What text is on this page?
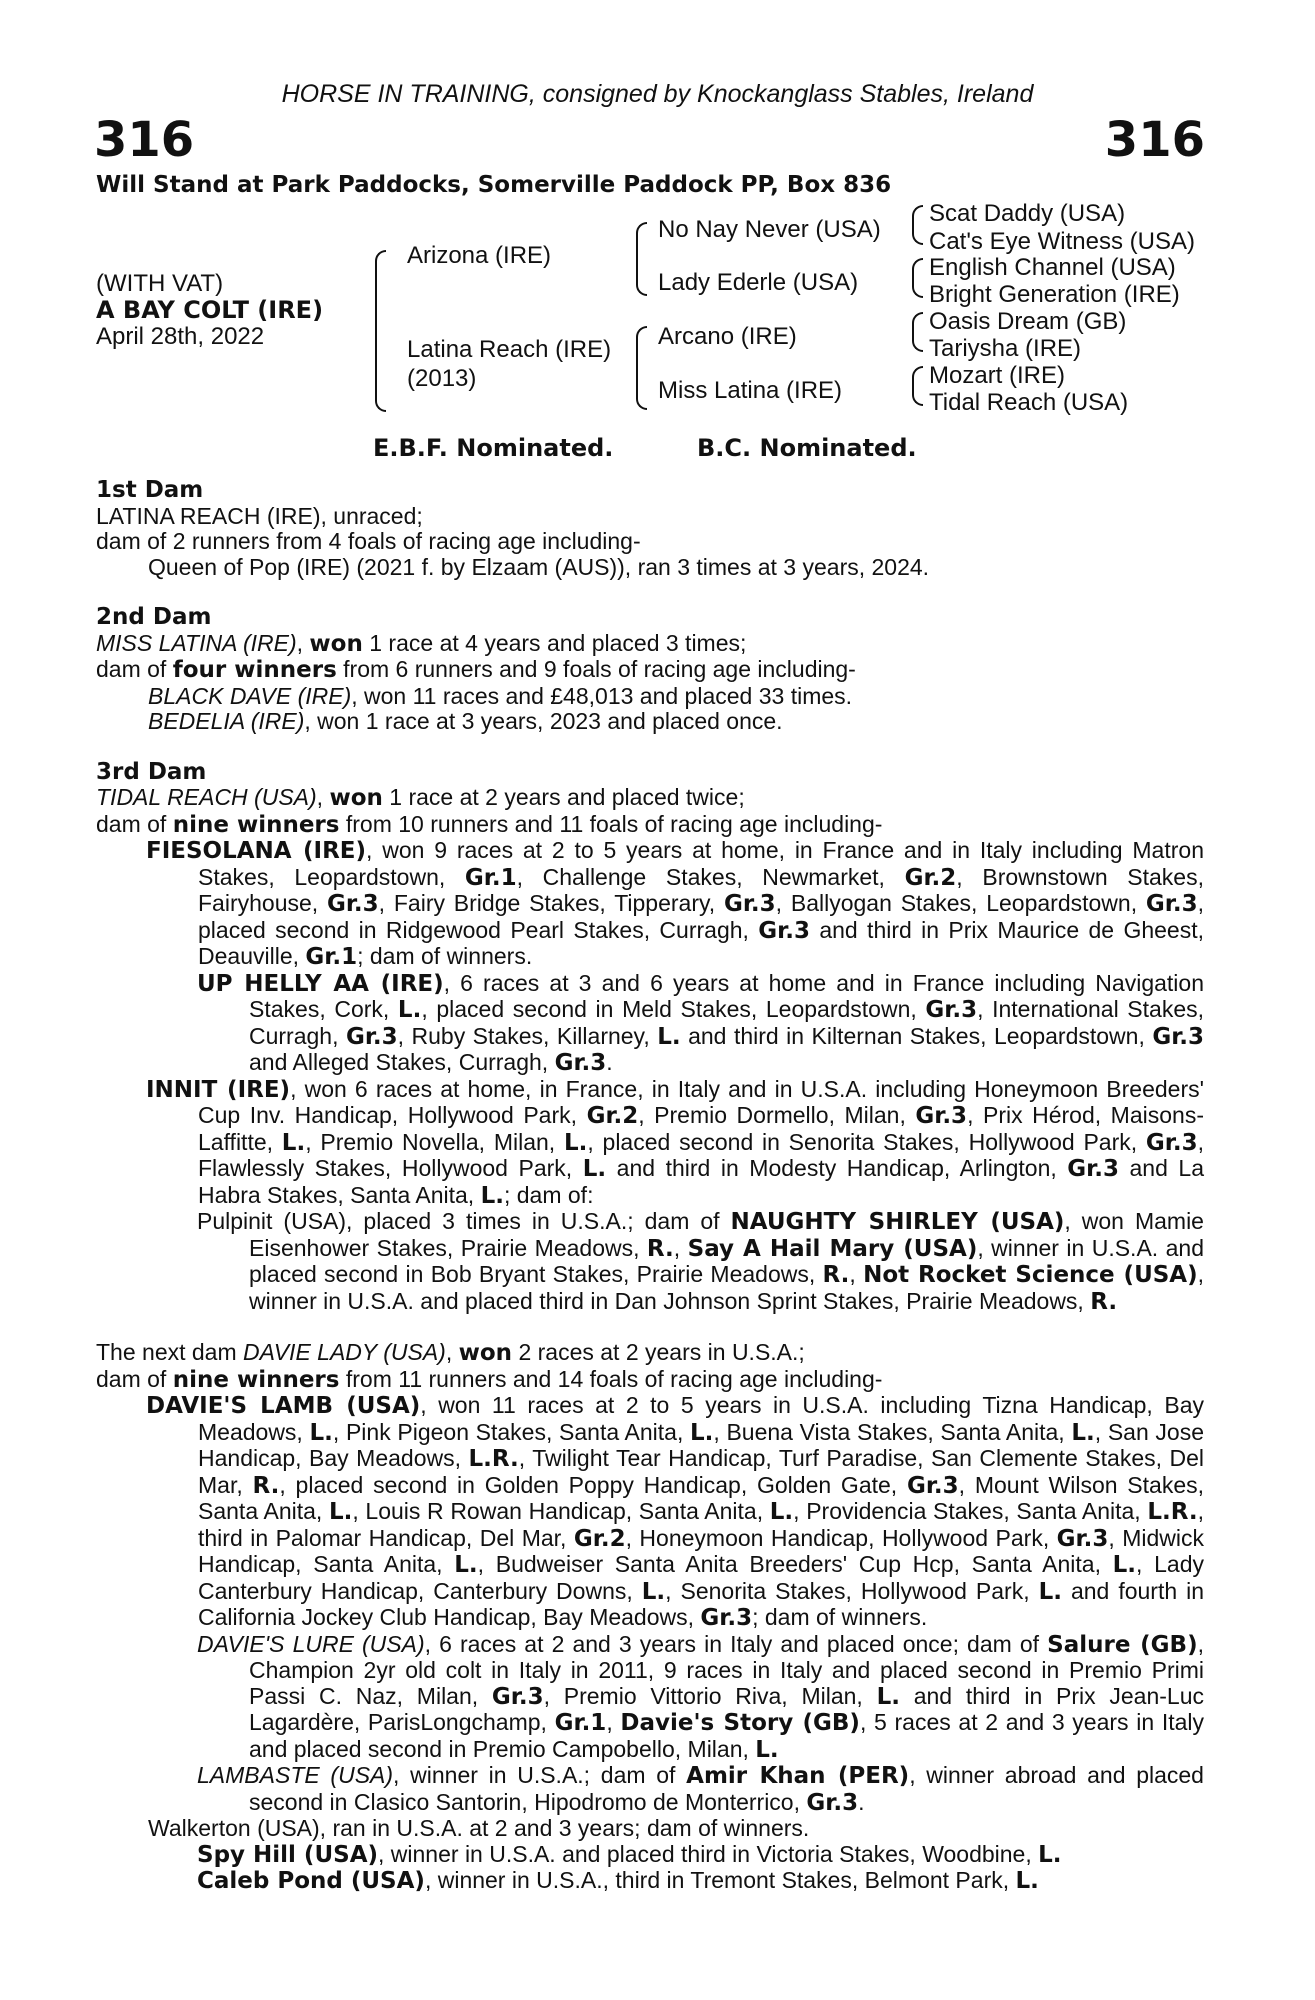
HORSE IN TRAINING, consigned by Knockanglass Stables, Ireland
316	316
Will Stand at Park Paddocks, Somerville Paddock PP, Box 836
(WITH VAT)
A BAY COLT (IRE)
April 28th, 2022
Arizona (IRE)
Latina Reach (IRE)
(2013)
No Nay Never (USA)
Lady Ederle (USA)
Arcano (IRE)
Miss Latina (IRE)
Scat Daddy (USA)
Cat's Eye Witness (USA)
English Channel (USA)
Bright Generation (IRE)
Oasis Dream (GB)
Tariysha (IRE)
Mozart (IRE)
Tidal Reach (USA)
E.B.F. Nominated.	B.C. Nominated.

1st Dam

LATINA REACH (IRE), unraced;

dam of 2 runners from 4 foals of racing age including-

Queen of Pop (IRE) (2021 f. by Elzaam (AUS)), ran 3 times at 3 years, 2024.

2nd Dam

MISS LATINA (IRE), won 1 race at 4 years and placed 3 times;

dam of four winners from 6 runners and 9 foals of racing age including-

BLACK DAVE (IRE), won 11 races and £48,013 and placed 33 times.

BEDELIA (IRE), won 1 race at 3 years, 2023 and placed once.

3rd Dam

TIDAL REACH (USA), won 1 race at 2 years and placed twice;

dam of nine winners from 10 runners and 11 foals of racing age including-

FIESOLANA (IRE), won 9 races at 2 to 5 years at home, in France and in Italy including Matron Stakes, Leopardstown, Gr.1, Challenge Stakes, Newmarket, Gr.2, Brownstown Stakes, Fairyhouse, Gr.3, Fairy Bridge Stakes, Tipperary, Gr.3, Ballyogan Stakes, Leopardstown, Gr.3, placed second in Ridgewood Pearl Stakes, Curragh, Gr.3 and third in Prix Maurice de Gheest, Deauville, Gr.1; dam of winners.

UP HELLY AA (IRE), 6 races at 3 and 6 years at home and in France including Navigation Stakes, Cork, L., placed second in Meld Stakes, Leopardstown, Gr.3, International Stakes, Curragh, Gr.3, Ruby Stakes, Killarney, L. and third in Kilternan Stakes, Leopardstown, Gr.3 and Alleged Stakes, Curragh, Gr.3.

INNIT (IRE), won 6 races at home, in France, in Italy and in U.S.A. including Honeymoon Breeders' Cup Inv. Handicap, Hollywood Park, Gr.2, Premio Dormello, Milan, Gr.3, Prix Hérod, Maisons-Laffitte, L., Premio Novella, Milan, L., placed second in Senorita Stakes, Hollywood Park, Gr.3, Flawlessly Stakes, Hollywood Park, L. and third in Modesty Handicap, Arlington, Gr.3 and La Habra Stakes, Santa Anita, L.; dam of:

Pulpinit (USA), placed 3 times in U.S.A.; dam of NAUGHTY SHIRLEY (USA), won Mamie Eisenhower Stakes, Prairie Meadows, R., Say A Hail Mary (USA), winner in U.S.A. and placed second in Bob Bryant Stakes, Prairie Meadows, R., Not Rocket Science (USA), winner in U.S.A. and placed third in Dan Johnson Sprint Stakes, Prairie Meadows, R.

The next dam DAVIE LADY (USA), won 2 races at 2 years in U.S.A.;

dam of nine winners from 11 runners and 14 foals of racing age including-

DAVIE'S LAMB (USA), won 11 races at 2 to 5 years in U.S.A. including Tizna Handicap, Bay Meadows, L., Pink Pigeon Stakes, Santa Anita, L., Buena Vista Stakes, Santa Anita, L., San Jose Handicap, Bay Meadows, L.R., Twilight Tear Handicap, Turf Paradise, San Clemente Stakes, Del Mar, R., placed second in Golden Poppy Handicap, Golden Gate, Gr.3, Mount Wilson Stakes, Santa Anita, L., Louis R Rowan Handicap, Santa Anita, L., Providencia Stakes, Santa Anita, L.R., third in Palomar Handicap, Del Mar, Gr.2, Honeymoon Handicap, Hollywood Park, Gr.3, Midwick Handicap, Santa Anita, L., Budweiser Santa Anita Breeders' Cup Hcp, Santa Anita, L., Lady Canterbury Handicap, Canterbury Downs, L., Senorita Stakes, Hollywood Park, L. and fourth in California Jockey Club Handicap, Bay Meadows, Gr.3; dam of winners.

DAVIE'S LURE (USA), 6 races at 2 and 3 years in Italy and placed once; dam of Salure (GB), Champion 2yr old colt in Italy in 2011, 9 races in Italy and placed second in Premio Primi Passi C. Naz, Milan, Gr.3, Premio Vittorio Riva, Milan, L. and third in Prix Jean-Luc Lagardère, ParisLongchamp, Gr.1, Davie's Story (GB), 5 races at 2 and 3 years in Italy and placed second in Premio Campobello, Milan, L.

LAMBASTE (USA), winner in U.S.A.; dam of Amir Khan (PER), winner abroad and placed second in Clasico Santorin, Hipodromo de Monterrico, Gr.3.

Walkerton (USA), ran in U.S.A. at 2 and 3 years; dam of winners.

Spy Hill (USA), winner in U.S.A. and placed third in Victoria Stakes, Woodbine, L.

Caleb Pond (USA), winner in U.S.A., third in Tremont Stakes, Belmont Park, L.
